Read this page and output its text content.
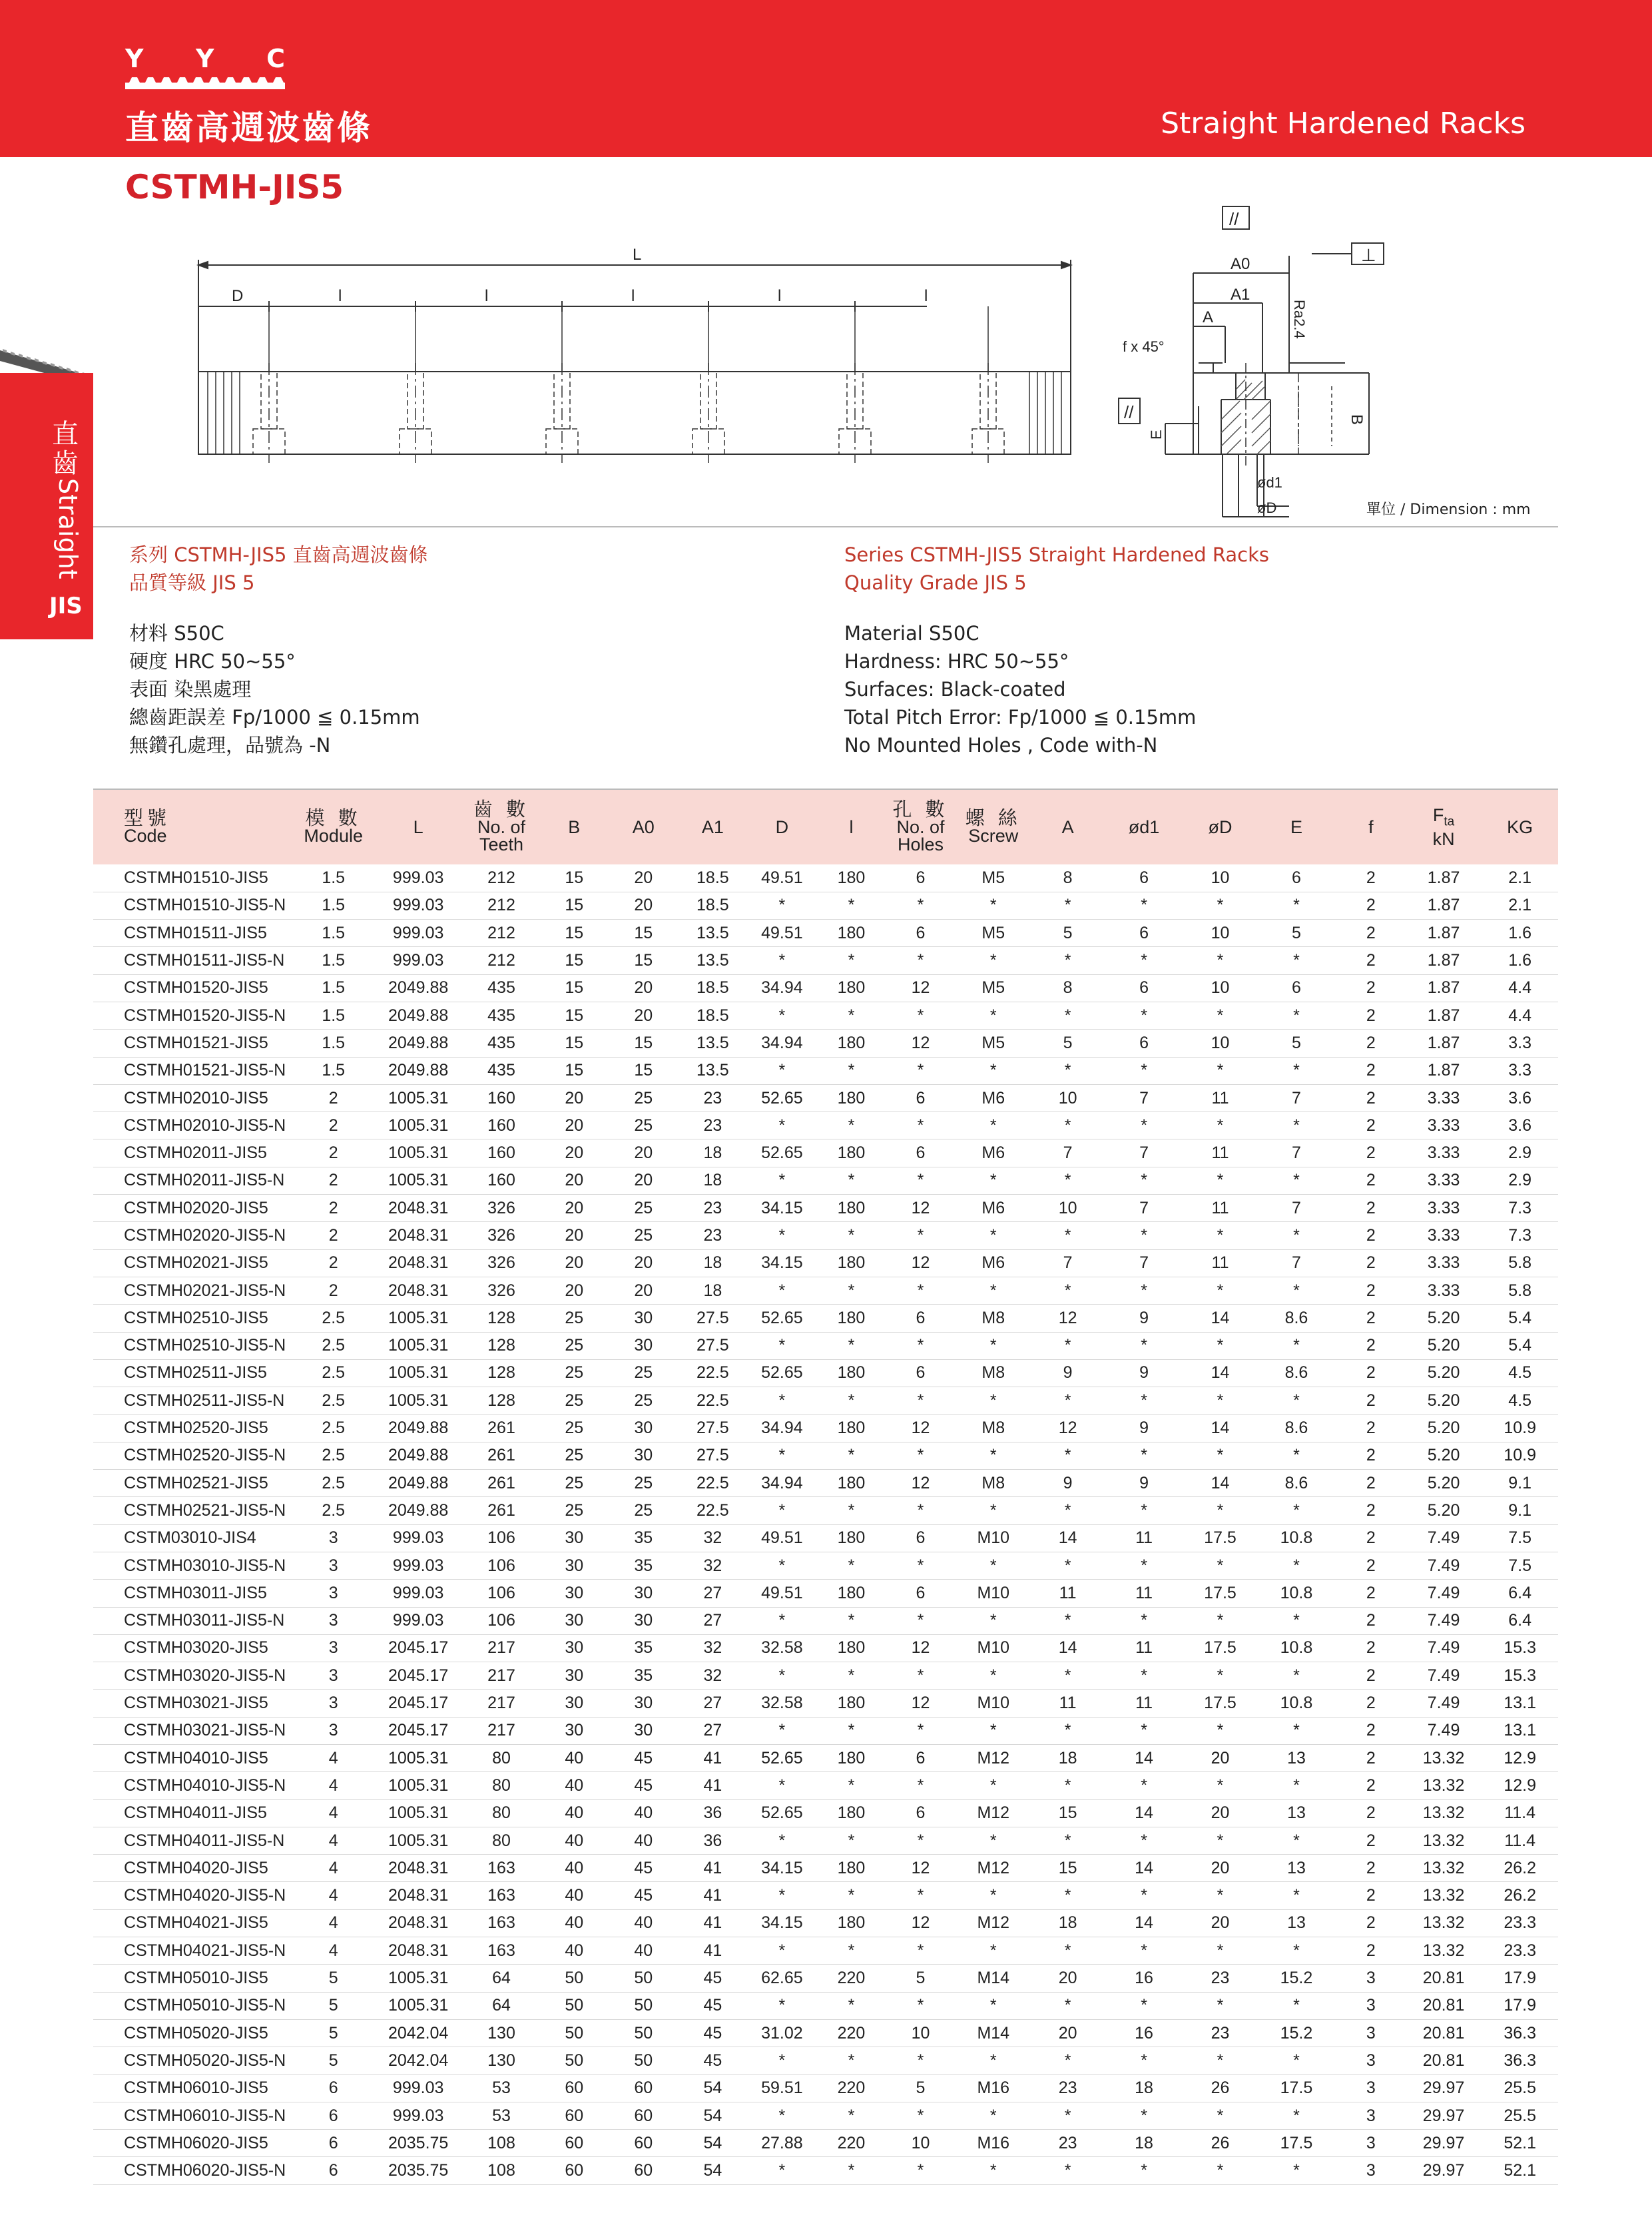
Y Y C
直齒高週波齒條	Straight Hardened Racks
CSTMH-JIS5
直齒
Straight
JIS
L
D	l	l	l	l	l
//
⊥
//
A0
A1
A
f x 45°
Ra2.4
B
E
ød1
øD	單位 / Dimension : mm
系列 CSTMH-JIS5 直齒高週波齒條
品質等級 JIS 5
材料 S50C
硬度 HRC 50~55°
表面 染黑處理
總齒距誤差 Fp/1000 ≦ 0.15mm
無鑽孔處理，品號為 -N
Series CSTMH-JIS5 Straight Hardened Racks
Quality Grade JIS 5
Material S50C
Hardness: HRC 50~55°
Surfaces: Black-coated
Total Pitch Error: Fp/1000 ≦ 0.15mm
No Mounted Holes , Code with-N
型號
Code	模 數
Module	L	齒 數
No. of
Teeth	B	A0	A1	D	l	孔 數
No. of
Holes	螺 絲
Screw	A	ød1	øD	E	f	$F_{ta}$
kN	KG
CSTMH01510-JIS5	1.5	999.03	212	15	20	18.5	49.51	180	6	M5	8	6	10	6	2	1.87	2.1
CSTMH01510-JIS5-N	1.5	999.03	212	15	20	18.5	*	*	*	*	*	*	*	*	2	1.87	2.1
CSTMH01511-JIS5	1.5	999.03	212	15	15	13.5	49.51	180	6	M5	5	6	10	5	2	1.87	1.6
CSTMH01511-JIS5-N	1.5	999.03	212	15	15	13.5	*	*	*	*	*	*	*	*	2	1.87	1.6
CSTMH01520-JIS5	1.5	2049.88	435	15	20	18.5	34.94	180	12	M5	8	6	10	6	2	1.87	4.4
CSTMH01520-JIS5-N	1.5	2049.88	435	15	20	18.5	*	*	*	*	*	*	*	*	2	1.87	4.4
CSTMH01521-JIS5	1.5	2049.88	435	15	15	13.5	34.94	180	12	M5	5	6	10	5	2	1.87	3.3
CSTMH01521-JIS5-N	1.5	2049.88	435	15	15	13.5	*	*	*	*	*	*	*	*	2	1.87	3.3
CSTMH02010-JIS5	2	1005.31	160	20	25	23	52.65	180	6	M6	10	7	11	7	2	3.33	3.6
CSTMH02010-JIS5-N	2	1005.31	160	20	25	23	*	*	*	*	*	*	*	*	2	3.33	3.6
CSTMH02011-JIS5	2	1005.31	160	20	20	18	52.65	180	6	M6	7	7	11	7	2	3.33	2.9
CSTMH02011-JIS5-N	2	1005.31	160	20	20	18	*	*	*	*	*	*	*	*	2	3.33	2.9
CSTMH02020-JIS5	2	2048.31	326	20	25	23	34.15	180	12	M6	10	7	11	7	2	3.33	7.3
CSTMH02020-JIS5-N	2	2048.31	326	20	25	23	*	*	*	*	*	*	*	*	2	3.33	7.3
CSTMH02021-JIS5	2	2048.31	326	20	20	18	34.15	180	12	M6	7	7	11	7	2	3.33	5.8
CSTMH02021-JIS5-N	2	2048.31	326	20	20	18	*	*	*	*	*	*	*	*	2	3.33	5.8
CSTMH02510-JIS5	2.5	1005.31	128	25	30	27.5	52.65	180	6	M8	12	9	14	8.6	2	5.20	5.4
CSTMH02510-JIS5-N	2.5	1005.31	128	25	30	27.5	*	*	*	*	*	*	*	*	2	5.20	5.4
CSTMH02511-JIS5	2.5	1005.31	128	25	25	22.5	52.65	180	6	M8	9	9	14	8.6	2	5.20	4.5
CSTMH02511-JIS5-N	2.5	1005.31	128	25	25	22.5	*	*	*	*	*	*	*	*	2	5.20	4.5
CSTMH02520-JIS5	2.5	2049.88	261	25	30	27.5	34.94	180	12	M8	12	9	14	8.6	2	5.20	10.9
CSTMH02520-JIS5-N	2.5	2049.88	261	25	30	27.5	*	*	*	*	*	*	*	*	2	5.20	10.9
CSTMH02521-JIS5	2.5	2049.88	261	25	25	22.5	34.94	180	12	M8	9	9	14	8.6	2	5.20	9.1
CSTMH02521-JIS5-N	2.5	2049.88	261	25	25	22.5	*	*	*	*	*	*	*	*	2	5.20	9.1
CSTM03010-JIS4	3	999.03	106	30	35	32	49.51	180	6	M10	14	11	17.5	10.8	2	7.49	7.5
CSTMH03010-JIS5-N	3	999.03	106	30	35	32	*	*	*	*	*	*	*	*	2	7.49	7.5
CSTMH03011-JIS5	3	999.03	106	30	30	27	49.51	180	6	M10	11	11	17.5	10.8	2	7.49	6.4
CSTMH03011-JIS5-N	3	999.03	106	30	30	27	*	*	*	*	*	*	*	*	2	7.49	6.4
CSTMH03020-JIS5	3	2045.17	217	30	35	32	32.58	180	12	M10	14	11	17.5	10.8	2	7.49	15.3
CSTMH03020-JIS5-N	3	2045.17	217	30	35	32	*	*	*	*	*	*	*	*	2	7.49	15.3
CSTMH03021-JIS5	3	2045.17	217	30	30	27	32.58	180	12	M10	11	11	17.5	10.8	2	7.49	13.1
CSTMH03021-JIS5-N	3	2045.17	217	30	30	27	*	*	*	*	*	*	*	*	2	7.49	13.1
CSTMH04010-JIS5	4	1005.31	80	40	45	41	52.65	180	6	M12	18	14	20	13	2	13.32	12.9
CSTMH04010-JIS5-N	4	1005.31	80	40	45	41	*	*	*	*	*	*	*	*	2	13.32	12.9
CSTMH04011-JIS5	4	1005.31	80	40	40	36	52.65	180	6	M12	15	14	20	13	2	13.32	11.4
CSTMH04011-JIS5-N	4	1005.31	80	40	40	36	*	*	*	*	*	*	*	*	2	13.32	11.4
CSTMH04020-JIS5	4	2048.31	163	40	45	41	34.15	180	12	M12	15	14	20	13	2	13.32	26.2
CSTMH04020-JIS5-N	4	2048.31	163	40	45	41	*	*	*	*	*	*	*	*	2	13.32	26.2
CSTMH04021-JIS5	4	2048.31	163	40	40	41	34.15	180	12	M12	18	14	20	13	2	13.32	23.3
CSTMH04021-JIS5-N	4	2048.31	163	40	40	41	*	*	*	*	*	*	*	*	2	13.32	23.3
CSTMH05010-JIS5	5	1005.31	64	50	50	45	62.65	220	5	M14	20	16	23	15.2	3	20.81	17.9
CSTMH05010-JIS5-N	5	1005.31	64	50	50	45	*	*	*	*	*	*	*	*	3	20.81	17.9
CSTMH05020-JIS5	5	2042.04	130	50	50	45	31.02	220	10	M14	20	16	23	15.2	3	20.81	36.3
CSTMH05020-JIS5-N	5	2042.04	130	50	50	45	*	*	*	*	*	*	*	*	3	20.81	36.3
CSTMH06010-JIS5	6	999.03	53	60	60	54	59.51	220	5	M16	23	18	26	17.5	3	29.97	25.5
CSTMH06010-JIS5-N	6	999.03	53	60	60	54	*	*	*	*	*	*	*	*	3	29.97	25.5
CSTMH06020-JIS5	6	2035.75	108	60	60	54	27.88	220	10	M16	23	18	26	17.5	3	29.97	52.1
CSTMH06020-JIS5-N	6	2035.75	108	60	60	54	*	*	*	*	*	*	*	*	3	29.97	52.1
